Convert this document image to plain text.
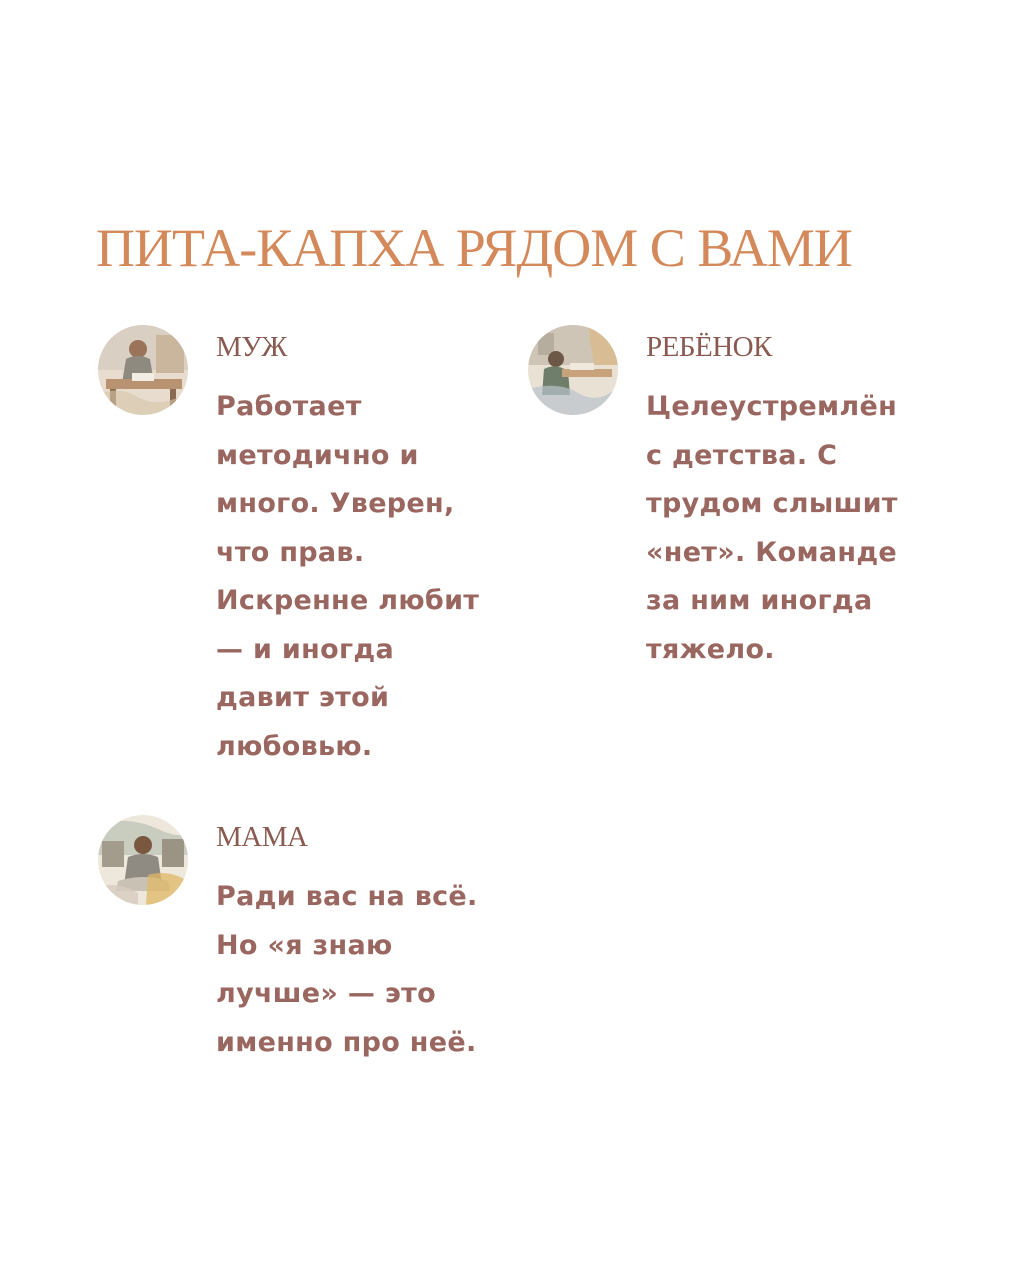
ПИТА-КАПХА РЯДОМ С ВАМИ
МУЖ

Работает
методично и
много. Уверен,
что прав.
Искренне любит
— и иногда
давит этой
любовью.

РЕБЁНОК

Целеустремлён
с детства. С
трудом слышит
«нет». Команде
за ним иногда
тяжело.

МАМА

Ради вас на всё.
Но «я знаю
лучше» — это
именно про неё.
